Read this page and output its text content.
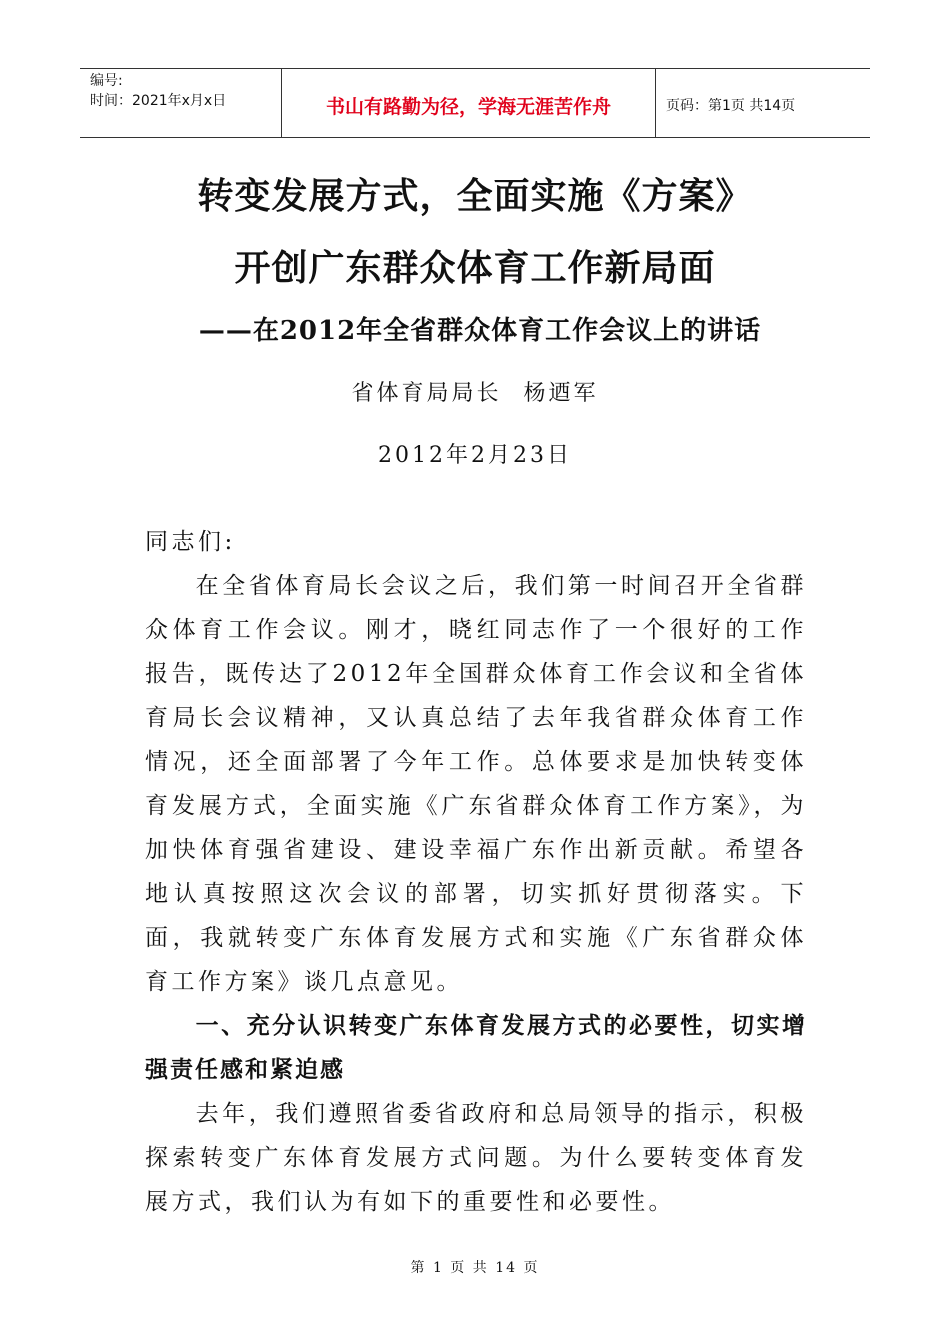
编号:
时间：2021年x月x日	书山有路勤为径，学海无涯苦作舟	页码：第1页 共14页
转变发展方式，全面实施《方案》
开创广东群众体育工作新局面
——在2012年全省群众体育工作会议上的讲话
省体育局局长 杨迺军
2012年2月23日

同志们:

在全省体育局长会议之后，我们第一时间召开全省群众体育工作会议。刚才，晓红同志作了一个很好的工作报告，既传达了2012年全国群众体育工作会议和全省体育局长会议精神，又认真总结了去年我省群众体育工作情况，还全面部署了今年工作。总体要求是加快转变体育发展方式，全面实施《广东省群众体育工作方案》，为加快体育强省建设、建设幸福广东作出新贡献。希望各地认真按照这次会议的部署，切实抓好贯彻落实。下面，我就转变广东体育发展方式和实施《广东省群众体育工作方案》谈几点意见。

一、充分认识转变广东体育发展方式的必要性，切实增强责任感和紧迫感

去年，我们遵照省委省政府和总局领导的指示，积极探索转变广东体育发展方式问题。为什么要转变体育发展方式，我们认为有如下的重要性和必要性。

第 1 页 共 14 页
